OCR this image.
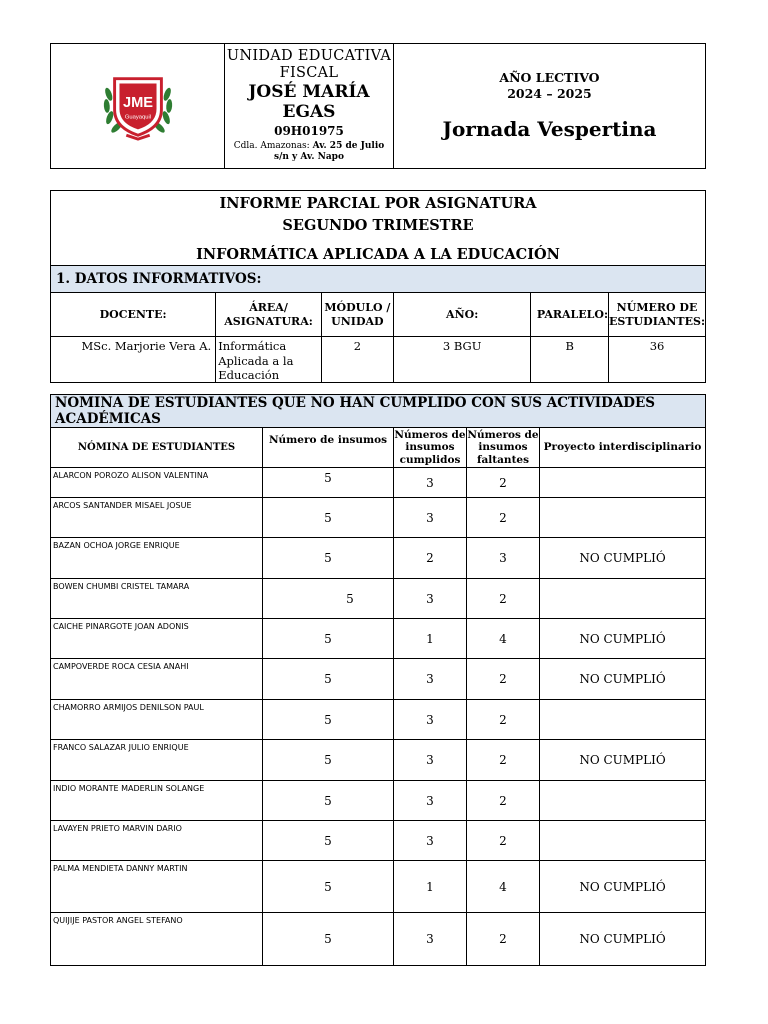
JME
Guayaquil

UNIDAD EDUCATIVA FISCAL
JOSÉ MARÍA EGAS
09H01975
Cdla. Amazonas: Av. 25 de Julio s/n y Av. Napo

AÑO LECTIVO
2024 – 2025
Jornada Vespertina
INFORME PARCIAL POR ASIGNATURA
SEGUNDO TRIMESTRE
INFORMÁTICA APLICADA A LA EDUCACIÓN					

1. DATOS INFORMATIVOS:					
DOCENTE:	ÁREA/ ASIGNATURA:	MÓDULO / UNIDAD	AÑO:	PARALELO:	NÚMERO DE ESTUDIANTES:
MSc. Marjorie Vera A.	Informática Aplicada a la Educación	2	3 BGU	B	36
NOMINA DE ESTUDIANTES QUE NO HAN CUMPLIDO CON SUS ACTIVIDADES ACADÉMICAS				
NÓMINA DE ESTUDIANTES	Número de insumos	Números de insumos cumplidos	Números de insumos faltantes	Proyecto interdisciplinario
ALARCON POROZO ALISON VALENTINA	5	3	2	
ARCOS SANTANDER MISAEL JOSUE	5	3	2	
BAZAN OCHOA JORGE ENRIQUE	5	2	3	NO CUMPLIÓ
BOWEN CHUMBI CRISTEL TAMARA	5	3	2	
CAICHE PINARGOTE JOAN ADONIS	5	1	4	NO CUMPLIÓ
CAMPOVERDE ROCA CESIA ANAHI	5	3	2	NO CUMPLIÓ
CHAMORRO ARMIJOS DENILSON PAUL	5	3	2	
FRANCO SALAZAR JULIO ENRIQUE	5	3	2	NO CUMPLIÓ
INDIO MORANTE MADERLIN SOLANGE	5	3	2	
LAVAYEN PRIETO MARVIN DARIO	5	3	2	
PALMA MENDIETA DANNY MARTIN	5	1	4	NO CUMPLIÓ
QUIJIJE PASTOR ANGEL STEFANO	5	3	2	NO CUMPLIÓ
